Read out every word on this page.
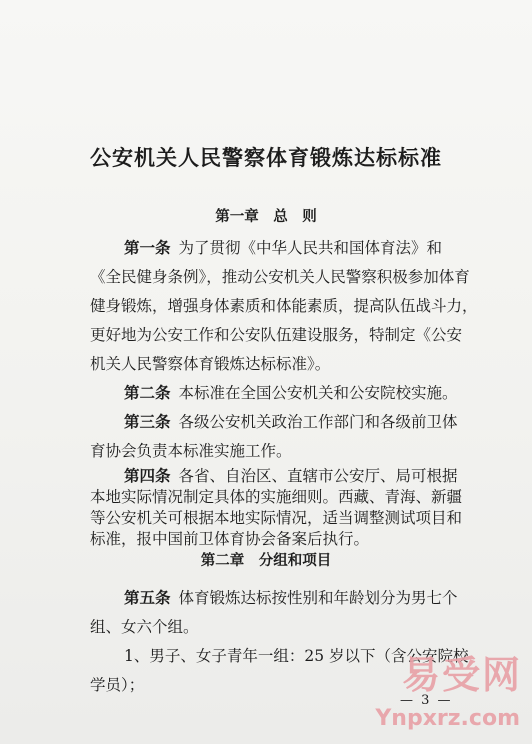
公安机关人民警察体育锻炼达标标准
第一章　总　则

第一条 为了贯彻《中华人民共和国体育法》和

《全民健身条例》，推动公安机关人民警察积极参加体育

健身锻炼，增强身体素质和体能素质，提高队伍战斗力，

更好地为公安工作和公安队伍建设服务，特制定《公安

机关人民警察体育锻炼达标标准》。

第二条 本标准在全国公安机关和公安院校实施。

第三条 各级公安机关政治工作部门和各级前卫体

育协会负责本标准实施工作。

第四条 各省、自治区、直辖市公安厅、局可根据

本地实际情况制定具体的实施细则。西藏、青海、新疆

等公安机关可根据本地实际情况，适当调整测试项目和

标准，报中国前卫体育协会备案后执行。

第二章　分组和项目

第五条 体育锻炼达标按性别和年龄划分为男七个

组、女六个组。

1、男子、女子青年一组：25 岁以下（含公安院校

学员）；

— 3 —
易受网
Ynpxrz.com
